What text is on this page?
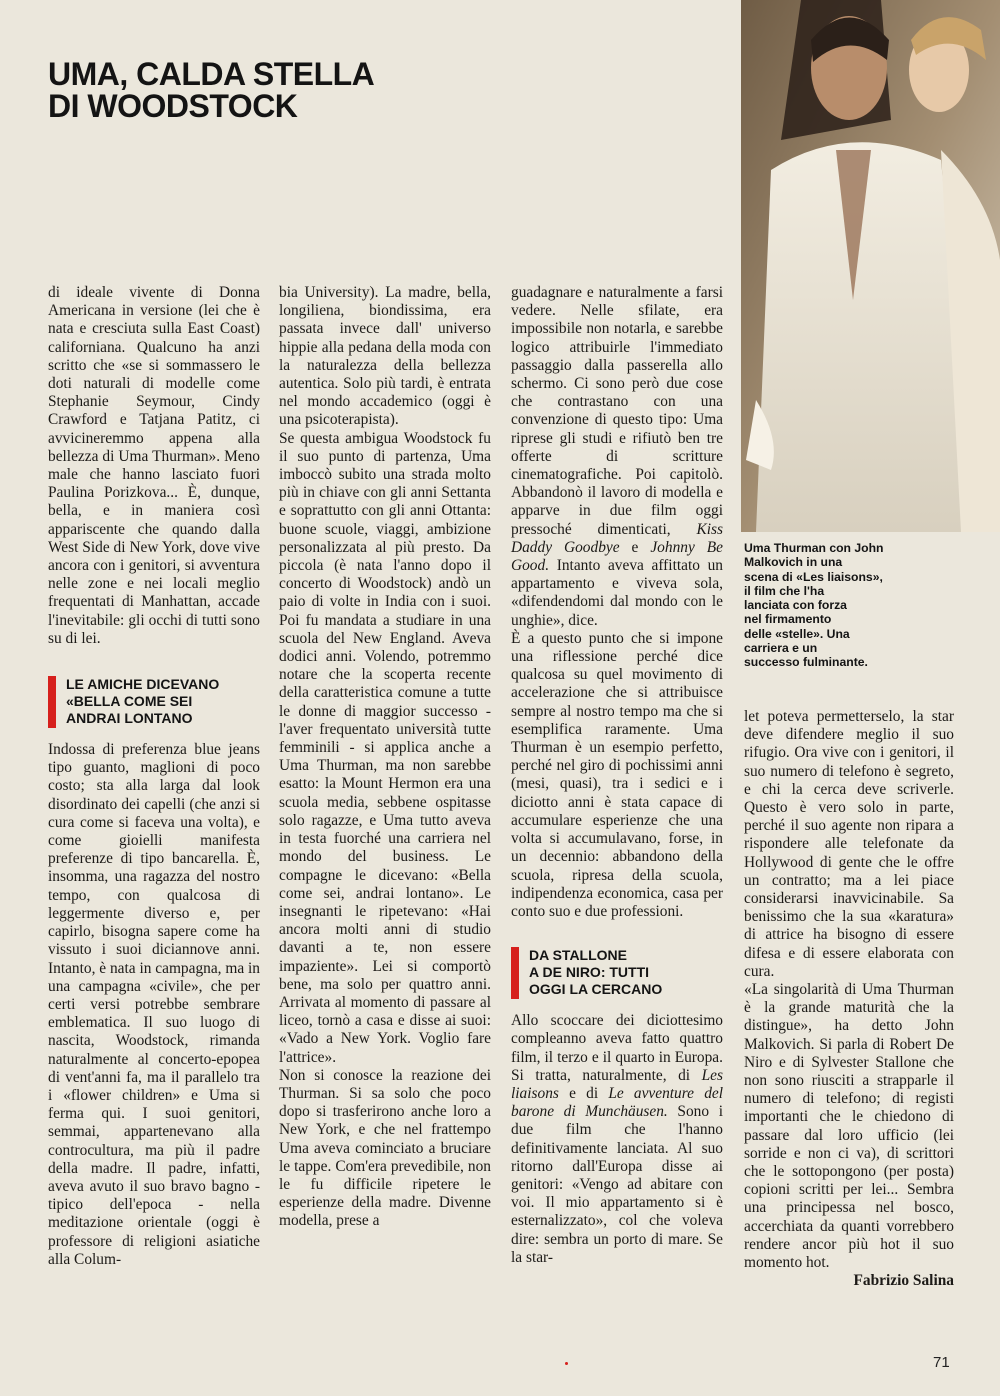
UMA, CALDA STELLA
DI WOODSTOCK
Uma Thurman con John
Malkovich in una
scena di «Les liaisons»,
il film che l'ha
lanciata con forza
nel firmamento
delle «stelle». Una
carriera e un
successo fulminante.

di ideale vivente di Donna Americana in versione (lei che è nata e cresciuta sulla East Coast) californiana. Qualcuno ha anzi scritto che «se si sommassero le doti naturali di modelle come Stephanie Seymour, Cindy Crawford e Tatjana Patitz, ci avvicineremmo appena alla bellezza di Uma Thurman». Meno male che hanno lasciato fuori Paulina Porizkova... È, dunque, bella, e in maniera così appariscente che quando dalla West Side di New York, dove vive ancora con i genitori, si avventura nelle zone e nei locali meglio frequentati di Manhattan, accade l'inevitabile: gli occhi di tutti sono su di lei.

LE AMICHE DICEVANO
«BELLA COME SEI
ANDRAI LONTANO

Indossa di preferenza blue jeans tipo guanto, maglioni di poco costo; sta alla larga dal look disordinato dei capelli (che anzi si cura come si faceva una volta), e come gioielli manifesta preferenze di tipo bancarella. È, insomma, una ragazza del nostro tempo, con qualcosa di leggermente diverso e, per capirlo, bisogna sapere come ha vissuto i suoi diciannove anni. Intanto, è nata in campagna, ma in una campagna «civile», che per certi versi potrebbe sembrare emblematica. Il suo luogo di nascita, Woodstock, rimanda naturalmente al concerto-epopea di vent'anni fa, ma il parallelo tra i «flower children» e Uma si ferma qui. I suoi genitori, semmai, appartenevano alla controcultura, ma più il padre della madre. Il padre, infatti, aveva avuto il suo bravo bagno - tipico dell'epoca - nella meditazione orientale (oggi è professore di religioni asiatiche alla Colum-

bia University). La madre, bella, longiliena, biondissima, era passata invece dall' universo hippie alla pedana della moda con la naturalezza della bellezza autentica. Solo più tardi, è entrata nel mondo accademico (oggi è una psicoterapista).

Se questa ambigua Woodstock fu il suo punto di partenza, Uma imboccò subito una strada molto più in chiave con gli anni Settanta e soprattutto con gli anni Ottanta: buone scuole, viaggi, ambizione personalizzata al più presto. Da piccola (è nata l'anno dopo il concerto di Woodstock) andò un paio di volte in India con i suoi. Poi fu mandata a studiare in una scuola del New England. Aveva dodici anni. Volendo, potremmo notare che la scoperta recente della caratteristica comune a tutte le donne di maggior successo - l'aver frequentato università tutte femminili - si applica anche a Uma Thurman, ma non sarebbe esatto: la Mount Hermon era una scuola media, sebbene ospitasse solo ragazze, e Uma tutto aveva in testa fuorché una carriera nel mondo del business. Le compagne le dicevano: «Bella come sei, andrai lontano». Le insegnanti le ripetevano: «Hai ancora molti anni di studio davanti a te, non essere impaziente». Lei si comportò bene, ma solo per quattro anni. Arrivata al momento di passare al liceo, tornò a casa e disse ai suoi: «Vado a New York. Voglio fare l'attrice».

Non si conosce la reazione dei Thurman. Si sa solo che poco dopo si trasferirono anche loro a New York, e che nel frattempo Uma aveva cominciato a bruciare le tappe. Com'era prevedibile, non le fu difficile ripetere le esperienze della madre. Divenne modella, prese a

guadagnare e naturalmente a farsi vedere. Nelle sfilate, era impossibile non notarla, e sarebbe logico attribuirle l'immediato passaggio dalla passerella allo schermo. Ci sono però due cose che contrastano con una convenzione di questo tipo: Uma riprese gli studi e rifiutò ben tre offerte di scritture cinematografiche. Poi capitolò. Abbandonò il lavoro di modella e apparve in due film oggi pressoché dimenticati, Kiss Daddy Goodbye e Johnny Be Good. Intanto aveva affittato un appartamento e viveva sola, «difendendomi dal mondo con le unghie», dice.

È a questo punto che si impone una riflessione perché dice qualcosa su quel movimento di accelerazione che si attribuisce sempre al nostro tempo ma che si esemplifica raramente. Uma Thurman è un esempio perfetto, perché nel giro di pochissimi anni (mesi, quasi), tra i sedici e i diciotto anni è stata capace di accumulare esperienze che una volta si accumulavano, forse, in un decennio: abbandono della scuola, ripresa della scuola, indipendenza economica, casa per conto suo e due professioni.

DA STALLONE
A DE NIRO: TUTTI
OGGI LA CERCANO

Allo scoccare dei diciottesimo compleanno aveva fatto quattro film, il terzo e il quarto in Europa. Si tratta, naturalmente, di Les liaisons e di Le avventure del barone di Munchäusen. Sono i due film che l'hanno definitivamente lanciata. Al suo ritorno dall'Europa disse ai genitori: «Vengo ad abitare con voi. Il mio appartamento si è esternalizzato», col che voleva dire: sembra un porto di mare. Se la star-

let poteva permetterselo, la star deve difendere meglio il suo rifugio. Ora vive con i genitori, il suo numero di telefono è segreto, e chi la cerca deve scriverle. Questo è vero solo in parte, perché il suo agente non ripara a rispondere alle telefonate da Hollywood di gente che le offre un contratto; ma a lei piace considerarsi inavvicinabile. Sa benissimo che la sua «karatura» di attrice ha bisogno di essere difesa e di essere elaborata con cura.

«La singolarità di Uma Thurman è la grande maturità che la distingue», ha detto John Malkovich. Si parla di Robert De Niro e di Sylvester Stallone che non sono riusciti a strapparle il numero di telefono; di registi importanti che le chiedono di passare dal loro ufficio (lei sorride e non ci va), di scrittori che le sottopongono (per posta) copioni scritti per lei... Sembra una principessa nel bosco, accerchiata da quanti vorrebbero rendere ancor più hot il suo momento hot.

Fabrizio Salina

71
